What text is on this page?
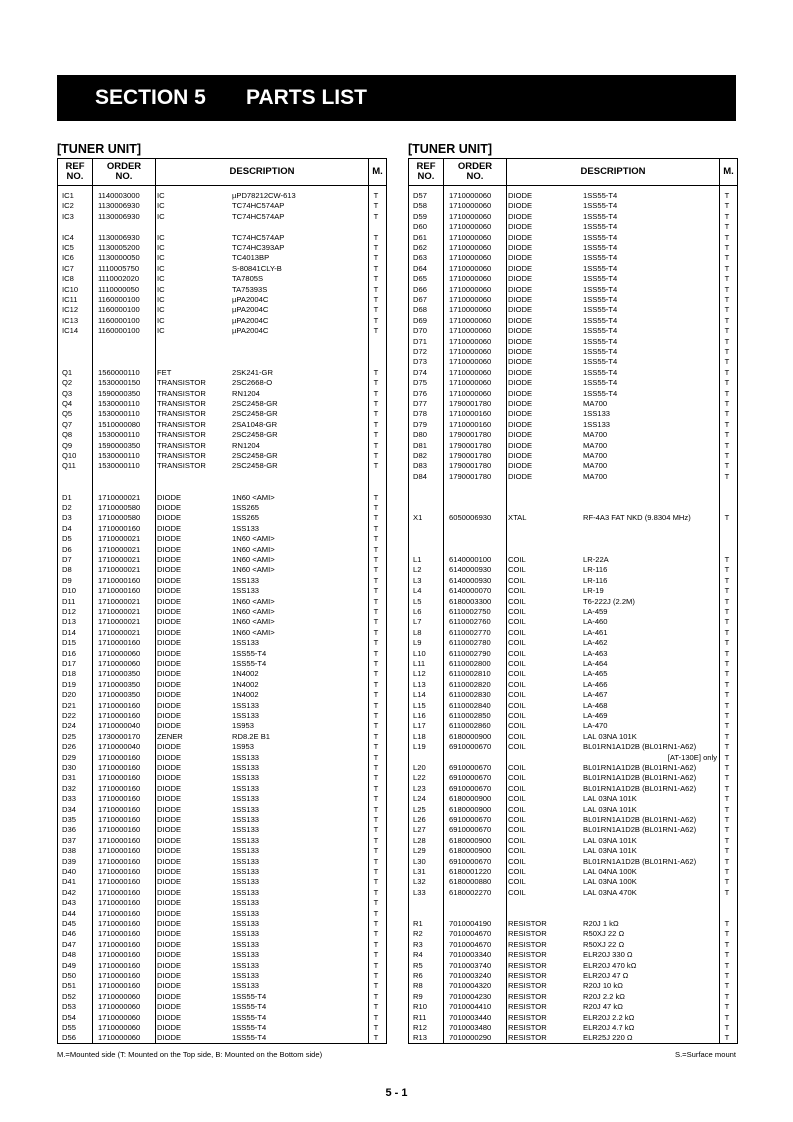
SECTION 5 PARTS LIST
[TUNER UNIT]
REF
NO.
ORDER
NO.	DESCRIPTION	M.
IC1	1140003000 IC	µPD78212CW-613	T
IC2	1130006930 IC	TC74HC574AP	T
IC3	1130006930 IC	TC74HC574AP	T
IC4	1130006930 IC	TC74HC574AP	T
IC5	1130005200 IC	TC74HC393AP	T
IC6	1130000050 IC	TC4013BP	T
IC7	1110005750 IC	S-80841CLY-B	T
IC8	1110002020 IC	TA7805S	T
IC10	1110000050 IC	TA75393S	T
IC11	1160000100 IC	µPA2004C	T
IC12	1160000100 IC	µPA2004C	T
IC13	1160000100 IC	µPA2004C	T
IC14	1160000100 IC	µPA2004C	T
Q1	1560000110 FET	2SK241-GR	T
Q2	1530000150 TRANSISTOR	2SC2668-O	T
Q3	1590000350 TRANSISTOR	RN1204	T
Q4	1530000110 TRANSISTOR	2SC2458-GR	T
Q5	1530000110 TRANSISTOR	2SC2458-GR	T
Q7	1510000080 TRANSISTOR	2SA1048-GR	T
Q8	1530000110 TRANSISTOR	2SC2458-GR	T
Q9	1590000350 TRANSISTOR	RN1204	T
Q10	1530000110 TRANSISTOR	2SC2458-GR	T
Q11	1530000110 TRANSISTOR	2SC2458-GR	T
D1	1710000021 DIODE	1N60 <AMI>	T
D2	1710000580 DIODE	1SS265	T
D3	1710000580 DIODE	1SS265	T
D4	1710000160 DIODE	1SS133	T
D5	1710000021 DIODE	1N60 <AMI>	T
D6	1710000021 DIODE	1N60 <AMI>	T
D7	1710000021 DIODE	1N60 <AMI>	T
D8	1710000021 DIODE	1N60 <AMI>	T
D9	1710000160 DIODE	1SS133	T
D10	1710000160 DIODE	1SS133	T
D11	1710000021 DIODE	1N60 <AMI>	T
D12	1710000021 DIODE	1N60 <AMI>	T
D13	1710000021 DIODE	1N60 <AMI>	T
D14	1710000021 DIODE	1N60 <AMI>	T
D15	1710000160 DIODE	1SS133	T
D16	1710000060 DIODE	1SS55-T4	T
D17	1710000060 DIODE	1SS55-T4	T
D18	1710000350 DIODE	1N4002	T
D19	1710000350 DIODE	1N4002	T
D20	1710000350 DIODE	1N4002	T
D21	1710000160 DIODE	1SS133	T
D22	1710000160 DIODE	1SS133	T
D24	1710000040 DIODE	1S953	T
D25	1730000170 ZENER	RD8.2E B1	T
D26	1710000040 DIODE	1S953	T
D29	1710000160 DIODE	1SS133	T
D30	1710000160 DIODE	1SS133	T
D31	1710000160 DIODE	1SS133	T
D32	1710000160 DIODE	1SS133	T
D33	1710000160 DIODE	1SS133	T
D34	1710000160 DIODE	1SS133	T
D35	1710000160 DIODE	1SS133	T
D36	1710000160 DIODE	1SS133	T
D37	1710000160 DIODE	1SS133	T
D38	1710000160 DIODE	1SS133	T
D39	1710000160 DIODE	1SS133	T
D40	1710000160 DIODE	1SS133	T
D41	1710000160 DIODE	1SS133	T
D42	1710000160 DIODE	1SS133	T
D43	1710000160 DIODE	1SS133	T
D44	1710000160 DIODE	1SS133	T
D45	1710000160 DIODE	1SS133	T
D46	1710000160 DIODE	1SS133	T
D47	1710000160 DIODE	1SS133	T
D48	1710000160 DIODE	1SS133	T
D49	1710000160 DIODE	1SS133	T
D50	1710000160 DIODE	1SS133	T
D51	1710000160 DIODE	1SS133	T
D52	1710000060 DIODE	1SS55-T4	T
D53	1710000060 DIODE	1SS55-T4	T
D54	1710000060 DIODE	1SS55-T4	T
D55	1710000060 DIODE	1SS55-T4	T
D56	1710000060 DIODE	1SS55-T4	T
[TUNER UNIT]
REF
NO.
ORDER
NO.	DESCRIPTION	M.
D57	1710000060 DIODE	1SS55-T4	T
D58	1710000060 DIODE	1SS55-T4	T
D59	1710000060 DIODE	1SS55-T4	T
D60	1710000060 DIODE	1SS55-T4	T
D61	1710000060 DIODE	1SS55-T4	T
D62	1710000060 DIODE	1SS55-T4	T
D63	1710000060 DIODE	1SS55-T4	T
D64	1710000060 DIODE	1SS55-T4	T
D65	1710000060 DIODE	1SS55-T4	T
D66	1710000060 DIODE	1SS55-T4	T
D67	1710000060 DIODE	1SS55-T4	T
D68	1710000060 DIODE	1SS55-T4	T
D69	1710000060 DIODE	1SS55-T4	T
D70	1710000060 DIODE	1SS55-T4	T
D71	1710000060 DIODE	1SS55-T4	T
D72	1710000060 DIODE	1SS55-T4	T
D73	1710000060 DIODE	1SS55-T4	T
D74	1710000060 DIODE	1SS55-T4	T
D75	1710000060 DIODE	1SS55-T4	T
D76	1710000060 DIODE	1SS55-T4	T
D77	1790001780 DIODE	MA700	T
D78	1710000160 DIODE	1SS133	T
D79	1710000160 DIODE	1SS133	T
D80	1790001780 DIODE	MA700	T
D81	1790001780 DIODE	MA700	T
D82	1790001780 DIODE	MA700	T
D83	1790001780 DIODE	MA700	T
D84	1790001780 DIODE	MA700	T
X1	6050006930 XTAL	RF-4A3 FAT NKD (9.8304 MHz)	T
L1	6140000100 COIL	LR-22A	T
L2	6140000930 COIL	LR-116	T
L3	6140000930 COIL	LR-116	T
L4	6140000070 COIL	LR-19	T
L5	6180003300 COIL	T6-222J (2.2M)	T
L6	6110002750 COIL	LA-459	T
L7	6110002760 COIL	LA-460	T
L8	6110002770 COIL	LA-461	T
L9	6110002780 COIL	LA-462	T
L10	6110002790 COIL	LA-463	T
L11	6110002800 COIL	LA-464	T
L12	6110002810 COIL	LA-465	T
L13	6110002820 COIL	LA-466	T
L14	6110002830 COIL	LA-467	T
L15	6110002840 COIL	LA-468	T
L16	6110002850 COIL	LA-469	T
L17	6110002860 COIL	LA-470	T
L18	6180000900 COIL	LAL 03NA 101K	T
L19	6910000670 COIL	BL01RN1A1D2B (BL01RN1-A62)	T
[AT-130E] only	T
L20	6910000670 COIL	BL01RN1A1D2B (BL01RN1-A62)	T
L22	6910000670 COIL	BL01RN1A1D2B (BL01RN1-A62)	T
L23	6910000670 COIL	BL01RN1A1D2B (BL01RN1-A62)	T
L24	6180000900 COIL	LAL 03NA 101K	T
L25	6180000900 COIL	LAL 03NA 101K	T
L26	6910000670 COIL	BL01RN1A1D2B (BL01RN1-A62)	T
L27	6910000670 COIL	BL01RN1A1D2B (BL01RN1-A62)	T
L28	6180000900 COIL	LAL 03NA 101K	T
L29	6180000900 COIL	LAL 03NA 101K	T
L30	6910000670 COIL	BL01RN1A1D2B (BL01RN1-A62)	T
L31	6180001220 COIL	LAL 04NA 100K	T
L32	6180000880 COIL	LAL 03NA 100K	T
L33	6180002270 COIL	LAL 03NA 470K	T
R1	7010004190 RESISTOR	R20J 1 kΩ	T
R2	7010004670 RESISTOR	R50XJ 22 Ω	T
R3	7010004670 RESISTOR	R50XJ 22 Ω	T
R4	7010003340 RESISTOR	ELR20J 330 Ω	T
R5	7010003740 RESISTOR	ELR20J 470 kΩ	T
R6	7010003240 RESISTOR	ELR20J 47 Ω	T
R8	7010004320 RESISTOR	R20J 10 kΩ	T
R9	7010004230 RESISTOR	R20J 2.2 kΩ	T
R10	7010004410 RESISTOR	R20J 47 kΩ	T
R11	7010003440 RESISTOR	ELR20J 2.2 kΩ	T
R12	7010003480 RESISTOR	ELR20J 4.7 kΩ	T
R13	7010000290 RESISTOR	ELR25J 220 Ω	T
M.=Mounted side (T: Mounted on the Top side, B: Mounted on the Bottom side)	S.=Surface mount
5 - 1
